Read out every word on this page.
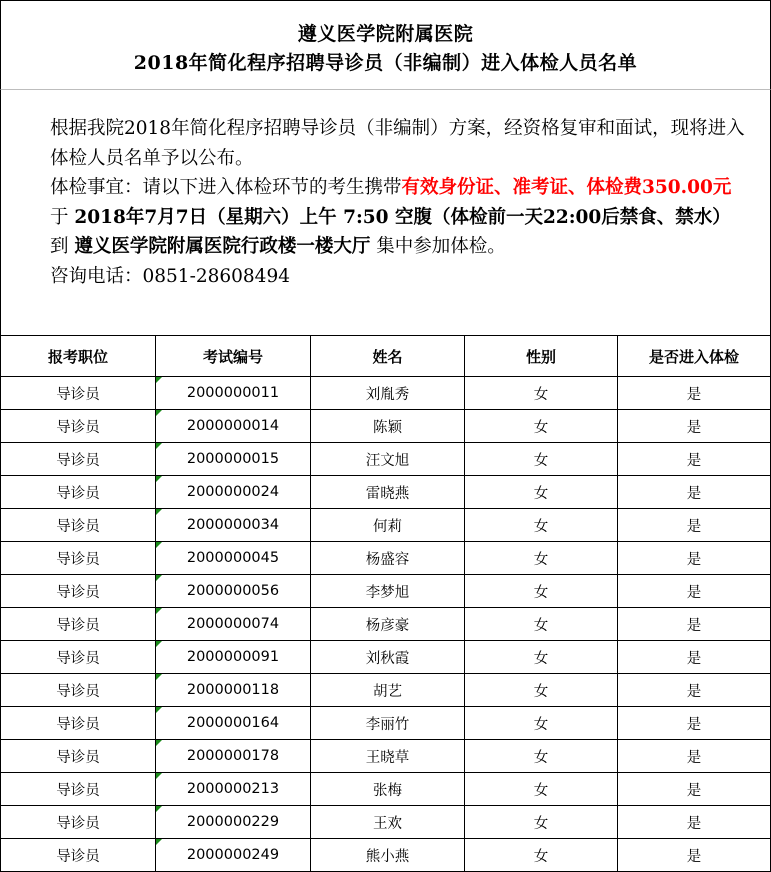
遵义医学院附属医院
2018年简化程序招聘导诊员（非编制）进入体检人员名单

根据我院2018年简化程序招聘导诊员（非编制）方案，经资格复审和面试，现将进入体检人员名单予以公布。

体检事宜：请以下进入体检环节的考生携带有效身份证、准考证、体检费350.00元 于 2018年7月7日（星期六）上午 7:50 空腹（体检前一天22:00后禁食、禁水） 到 遵义医学院附属医院行政楼一楼大厅 集中参加体检。

咨询电话：0851-28608494

报考职位	考试编号	姓名	性别	是否进入体检
导诊员	2000000011	刘胤秀	女	是
导诊员	2000000014	陈颖	女	是
导诊员	2000000015	汪文旭	女	是
导诊员	2000000024	雷晓燕	女	是
导诊员	2000000034	何莉	女	是
导诊员	2000000045	杨盛容	女	是
导诊员	2000000056	李梦旭	女	是
导诊员	2000000074	杨彦豪	女	是
导诊员	2000000091	刘秋霞	女	是
导诊员	2000000118	胡艺	女	是
导诊员	2000000164	李丽竹	女	是
导诊员	2000000178	王晓草	女	是
导诊员	2000000213	张梅	女	是
导诊员	2000000229	王欢	女	是
导诊员	2000000249	熊小燕	女	是
